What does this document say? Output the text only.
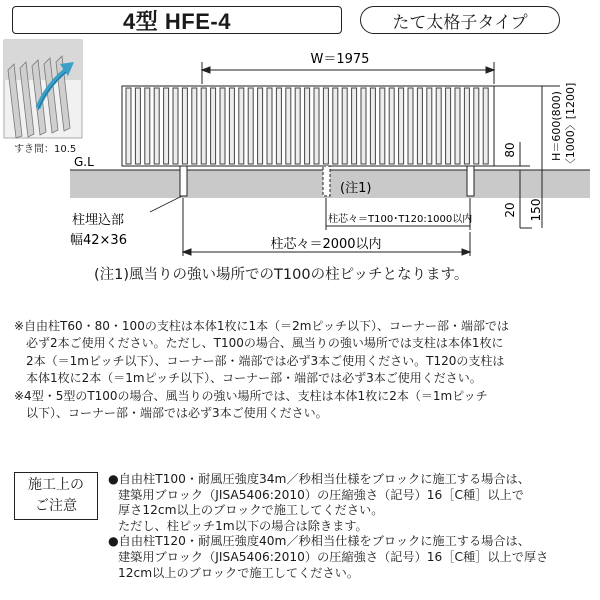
4型 HFE-4	たて太格子タイプ
W＝1975
G.L
H＝600(800) 〈1000〉[1200]
80
20 150
(注1)
柱芯々＝T100･T120:1000以内
柱埋込部
幅42×36	柱芯々＝2000以内
すき間：10.5
(注1)風当りの強い場所でのT100の柱ピッチとなります。

※自由柱T60・80・100の支柱は本体1枚に1本（＝2mピッチ以下）、コーナー部・端部では

必ず2本ご使用ください。ただし、T100の場合、風当りの強い場所では支柱は本体1枚に

2本（＝1mピッチ以下）、コーナー部・端部では必ず3本ご使用ください。T120の支柱は

本体1枚に2本（＝1mピッチ以下）、コーナー部・端部では必ず3本ご使用ください。

※4型・5型のT100の場合、風当りの強い場所では、支柱は本体1枚に2本（＝1mピッチ

以下）、コーナー部・端部では必ず3本ご使用ください。

施工上の
ご注意

●自由柱T100・耐風圧強度34m／秒相当仕様をブロックに施工する場合は、

建築用ブロック（JISA5406:2010）の圧縮強さ（記号）16［C種］以上で

厚さ12cm以上のブロックで施工してください。

ただし、柱ピッチ1m以下の場合は除きます。

●自由柱T120・耐風圧強度40m／秒相当仕様をブロックに施工する場合は、

建築用ブロック（JISA5406:2010）の圧縮強さ（記号）16［C種］以上で厚さ

12cm以上のブロックで施工してください。
